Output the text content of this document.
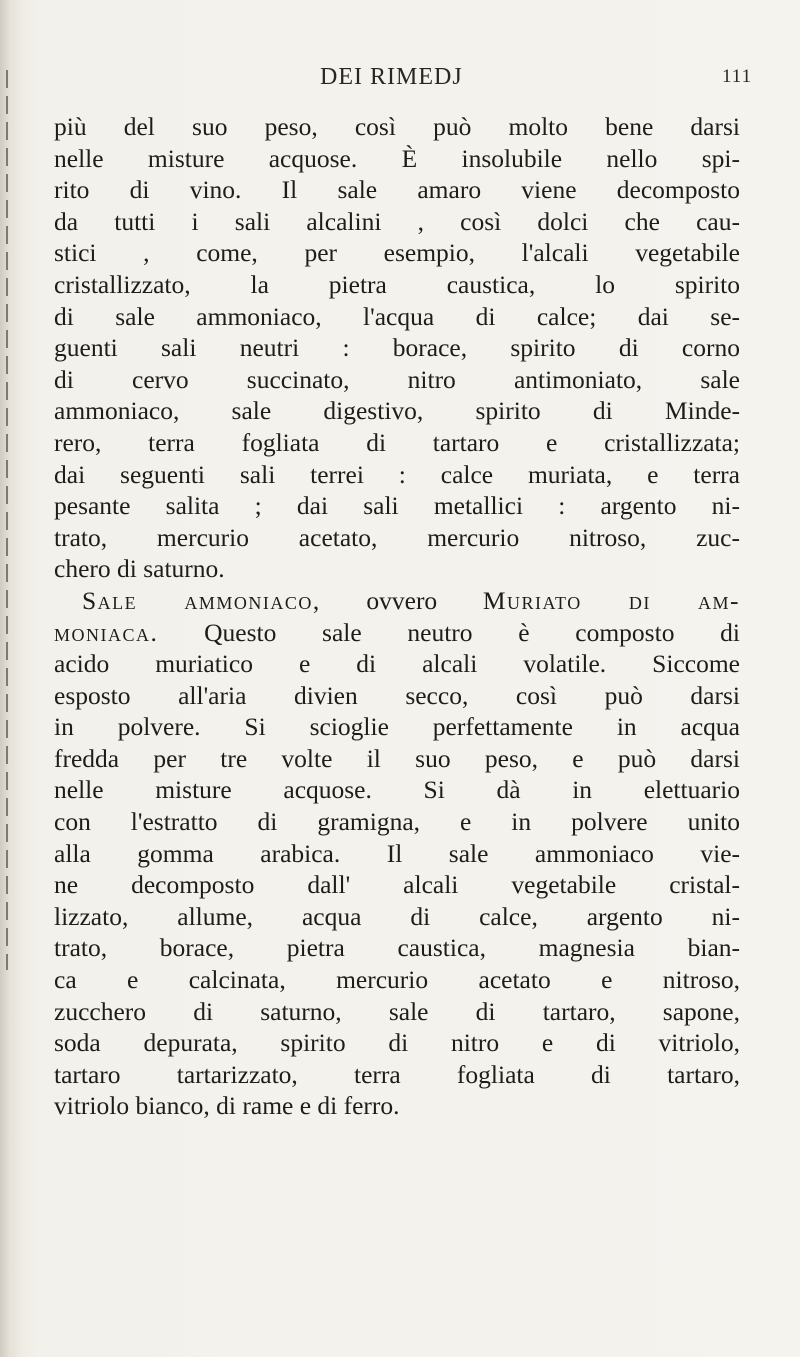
DEI RIMEDJ	111
più del suo peso, così può molto bene darsi
nelle misture acquose. È insolubile nello spi-
rito di vino. Il sale amaro viene decomposto
da tutti i sali alcalini , così dolci che cau-
stici , come, per esempio, l'alcali vegetabile
cristallizzato, la pietra caustica, lo spirito
di sale ammoniaco, l'acqua di calce; dai se-
guenti sali neutri : borace, spirito di corno
di cervo succinato, nitro antimoniato, sale
ammoniaco, sale digestivo, spirito di Minde-
rero, terra fogliata di tartaro e cristallizzata;
dai seguenti sali terrei : calce muriata, e terra
pesante salita ; dai sali metallici : argento ni-
trato, mercurio acetato, mercurio nitroso, zuc-
chero di saturno.
Sale ammoniaco, ovvero Muriato di am-
moniaca. Questo sale neutro è composto di
acido muriatico e di alcali volatile. Siccome
esposto all'aria divien secco, così può darsi
in polvere. Si scioglie perfettamente in acqua
fredda per tre volte il suo peso, e può darsi
nelle misture acquose. Si dà in elettuario
con l'estratto di gramigna, e in polvere unito
alla gomma arabica. Il sale ammoniaco vie-
ne decomposto dall' alcali vegetabile cristal-
lizzato, allume, acqua di calce, argento ni-
trato, borace, pietra caustica, magnesia bian-
ca e calcinata, mercurio acetato e nitroso,
zucchero di saturno, sale di tartaro, sapone,
soda depurata, spirito di nitro e di vitriolo,
tartaro tartarizzato, terra fogliata di tartaro,
vitriolo bianco, di rame e di ferro.
